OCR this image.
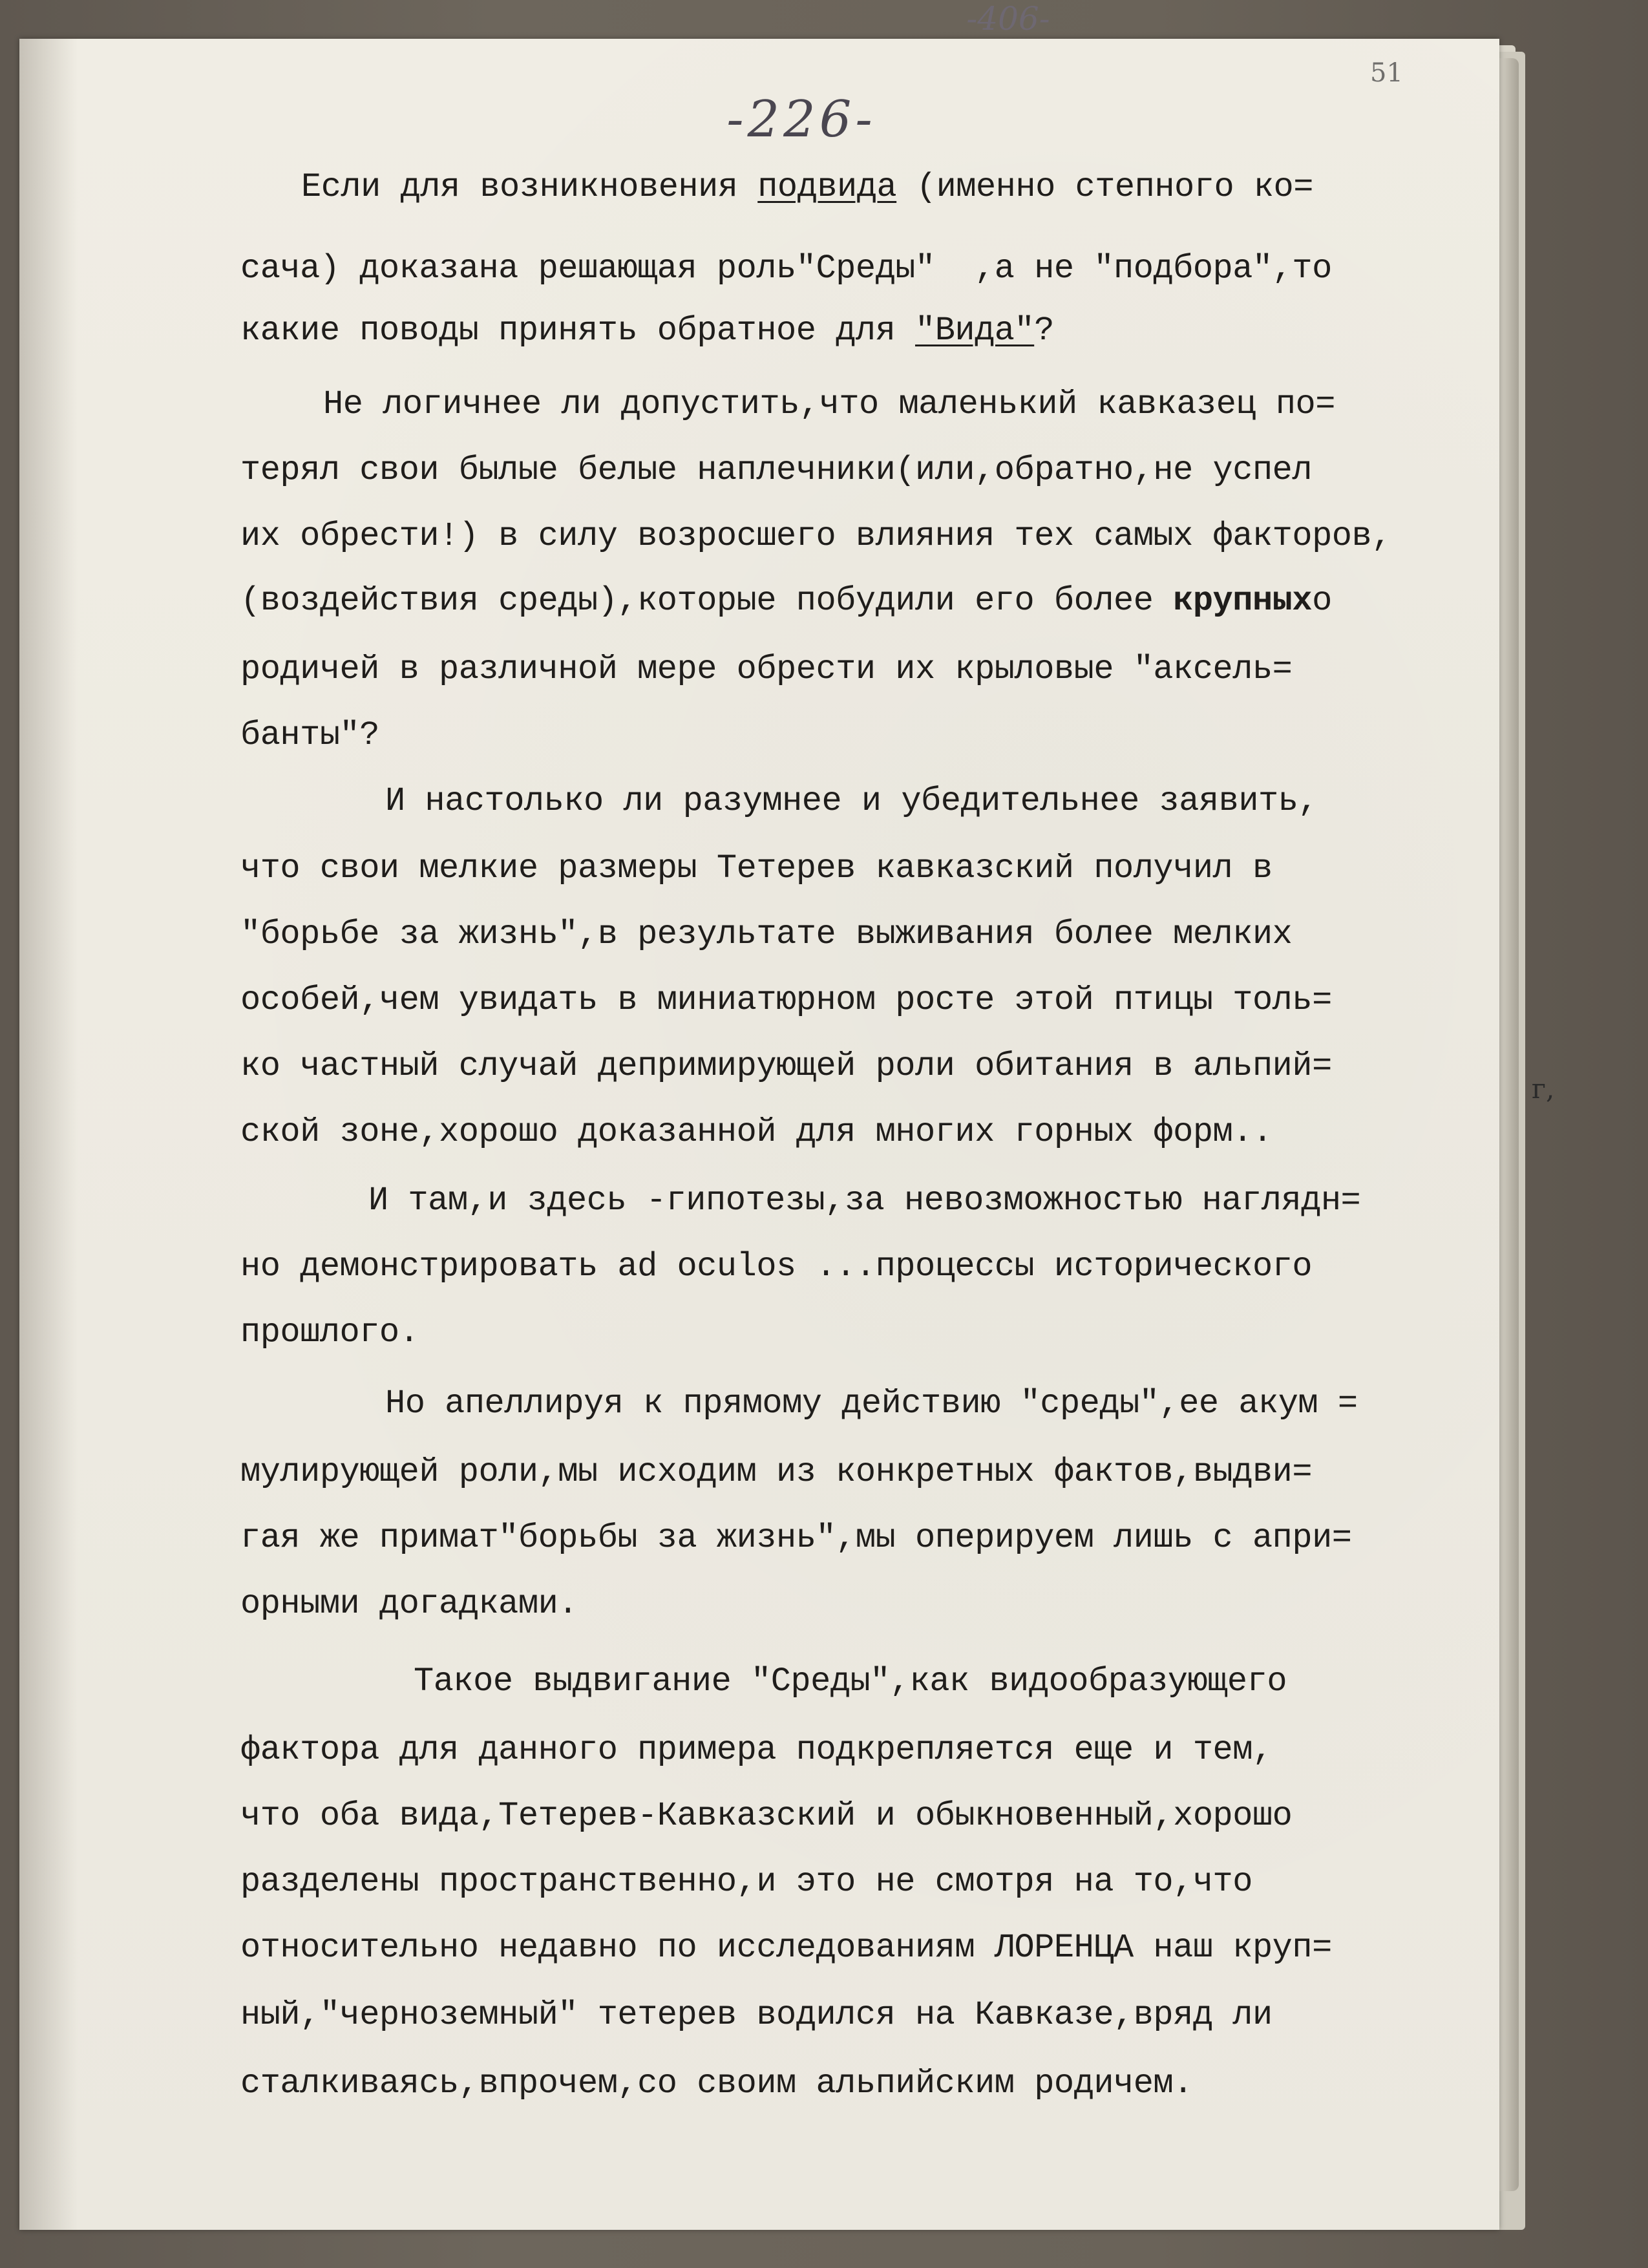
-406-
51
-226-
г,
Если для возникновения подвида (именно степного ко=
сача) доказана решающая роль"Среды"  ,а не "подбора",то
какие поводы принять обратное для "Вида"?
Не логичнее ли допустить,что маленький кавказец по=
терял свои былые белые наплечники(или,обратно,не успел
их обрести!) в силу возросшего влияния тех самых факторов,
(воздействия среды),которые побудили его более крупныхо
родичей в различной мере обрести их крыловые "аксель=
банты"?
И настолько ли разумнее и убедительнее заявить,
что свои мелкие размеры Тетерев кавказский получил в
"борьбе за жизнь",в результате выживания более мелких
особей,чем увидать в миниатюрном росте этой птицы толь=
ко частный случай депримирующей роли обитания в альпий=
ской зоне,хорошо доказанной для многих горных форм..
И там,и здесь -гипотезы,за невозможностью наглядн=
но демонстрировать ad oculos ...процессы исторического
прошлого.
Но апеллируя к прямому действию "среды",ее акум =
мулирующей роли,мы исходим из конкретных фактов,выдви=
гая же примат"борьбы за жизнь",мы оперируем лишь с апри=
орными догадками.
Такое выдвигание "Среды",как видообразующего
фактора для данного примера подкрепляется еще и тем,
что оба вида,Тетерев-Кавказский и обыкновенный,хорошо
разделены пространственно,и это не смотря на то,что
относительно недавно по исследованиям ЛОРЕНЦА наш круп=
ный,"черноземный" тетерев водился на Кавказе,вряд ли
сталкиваясь,впрочем,со своим альпийским родичем.
